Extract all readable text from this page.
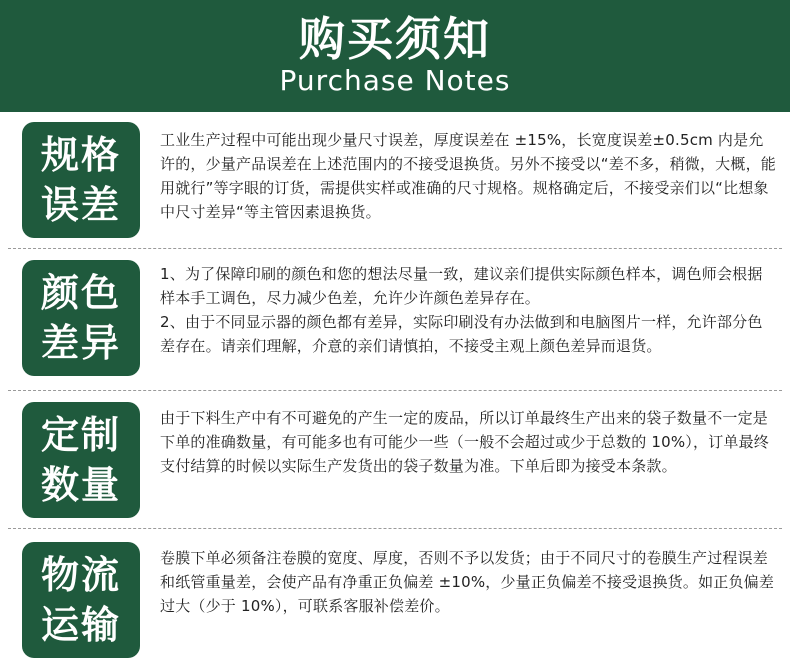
购买须知
Purchase Notes
规格
误差
工业生产过程中可能出现少量尺寸误差，厚度误差在 ±15%，长宽度误差±0.5cm 内是允许的，少量产品误差在上述范围内的不接受退换货。另外不接受以“差不多，稍微，大概，能用就行”等字眼的订货，需提供实样或准确的尺寸规格。规格确定后，不接受亲们以“比想象中尺寸差异“等主管因素退换货。
颜色
差异
1、为了保障印刷的颜色和您的想法尽量一致，建议亲们提供实际颜色样本，调色师会根据样本手工调色，尽力减少色差，允许少许颜色差异存在。
2、由于不同显示器的颜色都有差异，实际印刷没有办法做到和电脑图片一样，允许部分色差存在。请亲们理解，介意的亲们请慎拍，不接受主观上颜色差异而退货。
定制
数量
由于下料生产中有不可避免的产生一定的废品，所以订单最终生产出来的袋子数量不一定是下单的准确数量，有可能多也有可能少一些（一般不会超过或少于总数的 10%），订单最终支付结算的时候以实际生产发货出的袋子数量为准。下单后即为接受本条款。
物流
运输
卷膜下单必须备注卷膜的宽度、厚度，否则不予以发货；由于不同尺寸的卷膜生产过程误差和纸管重量差，会使产品有净重正负偏差 ±10%，少量正负偏差不接受退换货。如正负偏差过大（少于 10%），可联系客服补偿差价。
